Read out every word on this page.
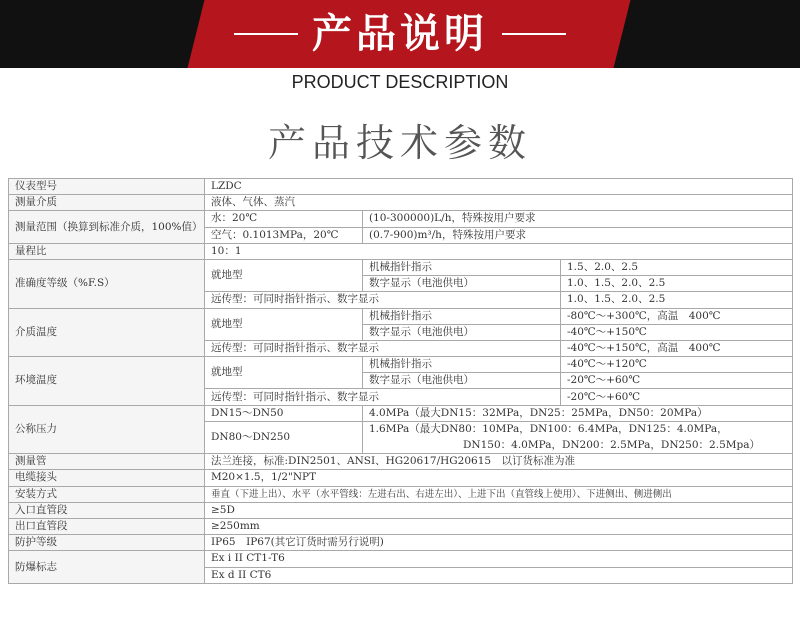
产品说明
PRODUCT DESCRIPTION
产品技术参数
仪表型号	LZDC		
测量介质	液体、气体、蒸汽		
测量范围（换算到标准介质，100%值）	水：20℃	(10-300000)L/h，特殊按用户要求	
	空气：0.1013MPa，20℃	(0.7-900)m³/h，特殊按用户要求	
量程比	10：1		
准确度等级（%F.S）	就地型	机械指针指示	1.5、2.0、2.5
		数字显示（电池供电）	1.0、1.5、2.0、2.5
	远传型：可同时指针指示、数字显示		1.0、1.5、2.0、2.5
介质温度	就地型	机械指针指示	-80℃～+300℃，高温　400℃
		数字显示（电池供电）	-40℃～+150℃
	远传型：可同时指针指示、数字显示		-40℃～+150℃，高温　400℃
环境温度	就地型	机械指针指示	-40℃～+120℃
		数字显示（电池供电）	-20℃～+60℃
	远传型：可同时指针指示、数字显示		-20℃～+60℃
公称压力	DN15～DN50	4.0MPa（最大DN15：32MPa，DN25：25MPa，DN50：20MPa）	
	DN80～DN250	1.6MPa（最大DN80：10MPa，DN100：6.4MPa，DN125：4.0MPa，	
		DN150：4.0MPa，DN200：2.5MPa，DN250：2.5Mpa）	
测量管	法兰连接，标准:DIN2501、ANSI、HG20617/HG20615　以订货标准为准		
电缆接头	M20×1.5，1/2"NPT		
安装方式	垂直（下进上出）、水平（水平管线：左进右出、右进左出）、上进下出（直管线上使用）、下进侧出、侧进侧出		
入口直管段	≥5D		
出口直管段	≥250mm		
防护等级	IP65　IP67(其它订货时需另行说明)		
防爆标志	Ex i II CT1-T6		
	Ex d II CT6		
